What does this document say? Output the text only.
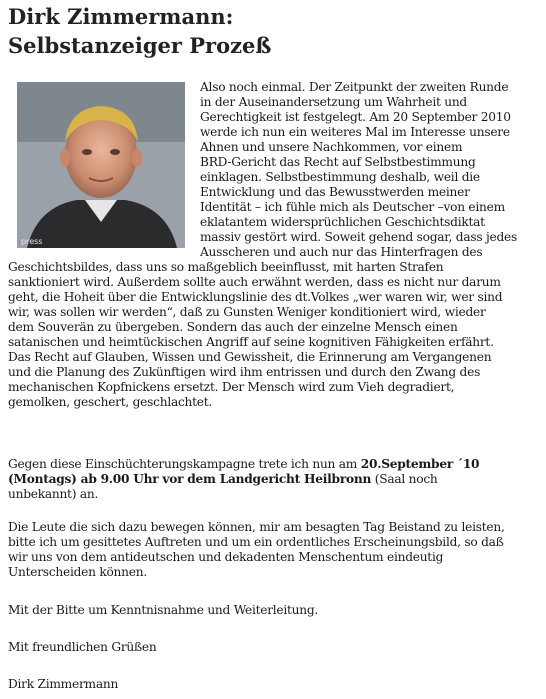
Dirk Zimmermann:
Selbstanzeiger Prozeß
press
Also noch einmal. Der Zeitpunkt der zweiten Runde
in der Auseinandersetzung um Wahrheit und
Gerechtigkeit ist festgelegt. Am 20 September 2010
werde ich nun ein weiteres Mal im Interesse unsere
Ahnen und unsere Nachkommen, vor einem
BRD-Gericht das Recht auf Selbstbestimmung
einklagen. Selbstbestimmung deshalb, weil die
Entwicklung und das Bewusstwerden meiner
Identität – ich fühle mich als Deutscher –von einem
eklatantem widersprüchlichen Geschichtsdiktat
massiv gestört wird. Soweit gehend sogar, dass jedes
Ausscheren und auch nur das Hinterfragen des
Geschichtsbildes, dass uns so maßgeblich beeinflusst, mit harten Strafen
sanktioniert wird. Außerdem sollte auch erwähnt werden, dass es nicht nur darum
geht, die Hoheit über die Entwicklungslinie des dt.Volkes „wer waren wir, wer sind
wir, was sollen wir werden“, daß zu Gunsten Weniger konditioniert wird, wieder
dem Souverän zu übergeben. Sondern das auch der einzelne Mensch einen
satanischen und heimtückischen Angriff auf seine kognitiven Fähigkeiten erfährt.
Das Recht auf Glauben, Wissen und Gewissheit, die Erinnerung am Vergangenen
und die Planung des Zukünftigen wird ihm entrissen und durch den Zwang des
mechanischen Kopfnickens ersetzt. Der Mensch wird zum Vieh degradiert,
gemolken, geschert, geschlachtet.
Gegen diese Einschüchterungskampagne trete ich nun am 20.September ´10
(Montags) ab 9.00 Uhr vor dem Landgericht Heilbronn (Saal noch
unbekannt) an.
Die Leute die sich dazu bewegen können, mir am besagten Tag Beistand zu leisten,
bitte ich um gesittetes Auftreten und um ein ordentliches Erscheinungsbild, so daß
wir uns von dem antideutschen und dekadenten Menschentum eindeutig
Unterscheiden können.
Mit der Bitte um Kenntnisnahme und Weiterleitung.
Mit freundlichen Grüßen
Dirk Zimmermann
